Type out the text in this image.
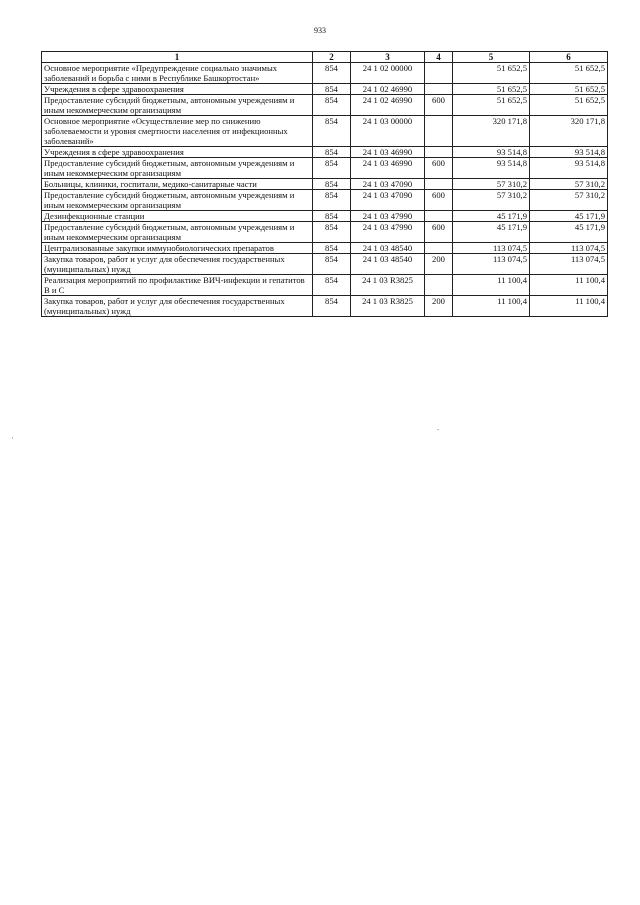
933
1	2	3	4	5	6
Основное мероприятие «Предупреждение социально значимых заболеваний и борьба с ними в Республике Башкортостан»	854	24 1 02 00000		51 652,5	51 652,5
Учреждения в сфере здравоохранения	854	24 1 02 46990		51 652,5	51 652,5
Предоставление субсидий бюджетным, автономным учреждениям и иным некоммерческим организациям	854	24 1 02 46990	600	51 652,5	51 652,5
Основное мероприятие «Осуществление мер по снижению заболеваемости и уровня смертности населения от инфекционных заболеваний»	854	24 1 03 00000		320 171,8	320 171,8
Учреждения в сфере здравоохранения	854	24 1 03 46990		93 514,8	93 514,8
Предоставление субсидий бюджетным, автономным учреждениям и иным некоммерческим организациям	854	24 1 03 46990	600	93 514,8	93 514,8
Больницы, клиники, госпитали, медико-санитарные части	854	24 1 03 47090		57 310,2	57 310,2
Предоставление субсидий бюджетным, автономным учреждениям и иным некоммерческим организациям	854	24 1 03 47090	600	57 310,2	57 310,2
Дезинфекционные станции	854	24 1 03 47990		45 171,9	45 171,9
Предоставление субсидий бюджетным, автономным учреждениям и иным некоммерческим организациям	854	24 1 03 47990	600	45 171,9	45 171,9
Централизованные закупки иммунобиологических препаратов	854	24 1 03 48540		113 074,5	113 074,5
Закупка товаров, работ и услуг для обеспечения государственных (муниципальных) нужд	854	24 1 03 48540	200	113 074,5	113 074,5
Реализация мероприятий по профилактике ВИЧ-инфекции и гепатитов В и С	854	24 1 03 R3825		11 100,4	11 100,4
Закупка товаров, работ и услуг для обеспечения государственных (муниципальных) нужд	854	24 1 03 R3825	200	11 100,4	11 100,4
